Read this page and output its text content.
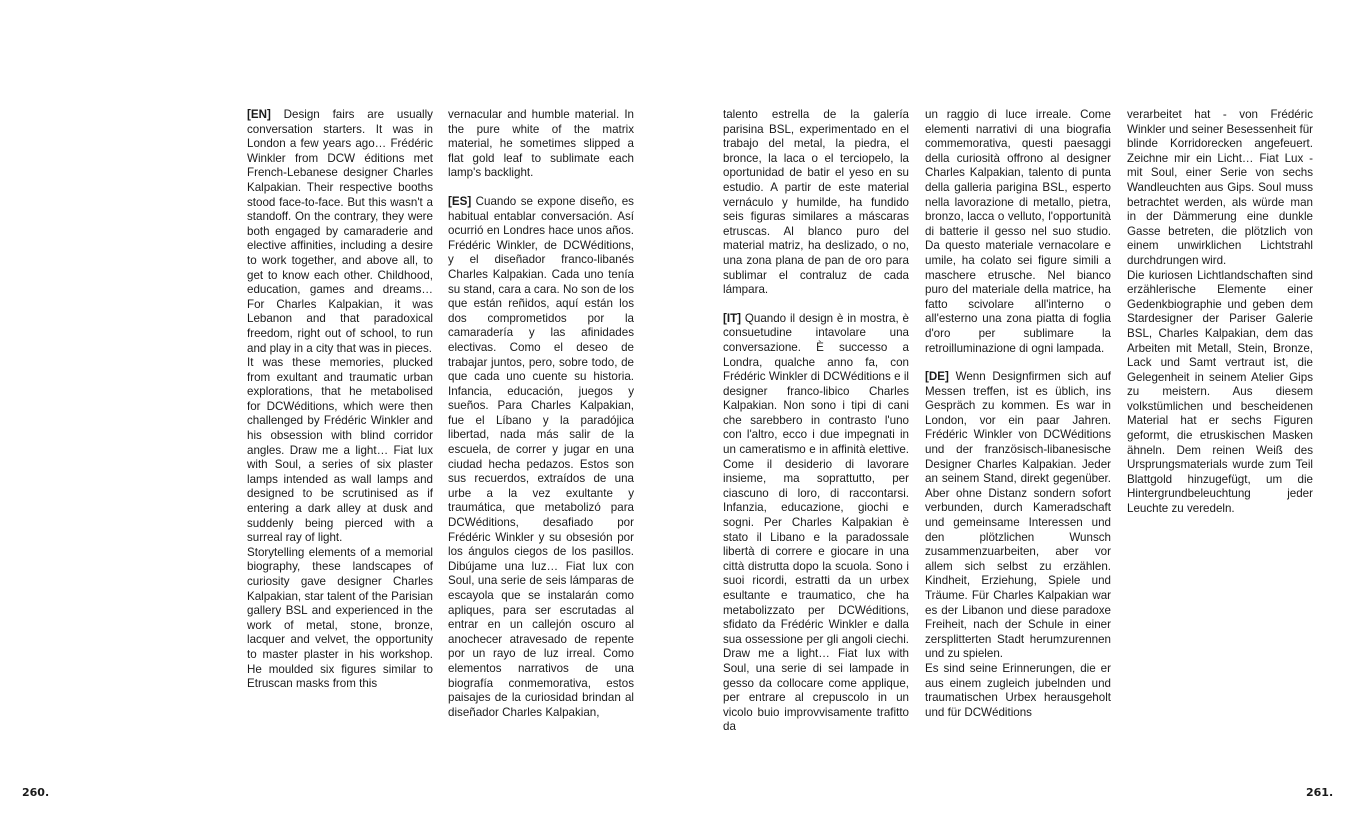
[EN] Design fairs are usually conversation starters. It was in London a few years ago… Frédéric Winkler from DCW éditions met French-Lebanese designer Charles Kalpakian. Their respective booths stood face-to-face. But this wasn't a standoff. On the contrary, they were both engaged by camaraderie and elective affinities, including a desire to work together, and above all, to get to know each other. Childhood, education, games and dreams… For Charles Kalpakian, it was Lebanon and that paradoxical freedom, right out of school, to run and play in a city that was in pieces.

It was these memories, plucked from exultant and traumatic urban explorations, that he metabolised for DCWéditions, which were then challenged by Frédéric Winkler and his obsession with blind corridor angles. Draw me a light… Fiat lux with Soul, a series of six plaster lamps intended as wall lamps and designed to be scrutinised as if entering a dark alley at dusk and suddenly being pierced with a surreal ray of light.

Storytelling elements of a memorial biography, these landscapes of curiosity gave designer Charles Kalpakian, star talent of the Parisian gallery BSL and experienced in the work of metal, stone, bronze, lacquer and velvet, the opportunity to master plaster in his workshop. He moulded six figures similar to Etruscan masks from this

vernacular and humble material. In the pure white of the matrix material, he sometimes slipped a flat gold leaf to sublimate each lamp's backlight.

[ES] Cuando se expone diseño, es habitual entablar conversación. Así ocurrió en Londres hace unos años. Frédéric Winkler, de DCWéditions, y el diseñador franco-libanés Charles Kalpakian. Cada uno tenía su stand, cara a cara. No son de los que están reñidos, aquí están los dos comprometidos por la camaradería y las afinidades electivas. Como el deseo de trabajar juntos, pero, sobre todo, de que cada uno cuente su historia. Infancia, educación, juegos y sueños. Para Charles Kalpakian, fue el Líbano y la paradójica libertad, nada más salir de la escuela, de correr y jugar en una ciudad hecha pedazos. Estos son sus recuerdos, extraídos de una urbe a la vez exultante y traumática, que metabolizó para DCWéditions, desafiado por Frédéric Winkler y su obsesión por los ángulos ciegos de los pasillos. Dibújame una luz… Fiat lux con Soul, una serie de seis lámparas de escayola que se instalarán como apliques, para ser escrutadas al entrar en un callejón oscuro al anochecer atravesado de repente por un rayo de luz irreal. Como elementos narrativos de una biografía conmemorativa, estos paisajes de la curiosidad brindan al diseñador Charles Kalpakian,

talento estrella de la galería parisina BSL, experimentado en el trabajo del metal, la piedra, el bronce, la laca o el terciopelo, la oportunidad de batir el yeso en su estudio. A partir de este material vernáculo y humilde, ha fundido seis figuras similares a máscaras etruscas. Al blanco puro del material matriz, ha deslizado, o no, una zona plana de pan de oro para sublimar el contraluz de cada lámpara.

[IT] Quando il design è in mostra, è consuetudine intavolare una conversazione. È successo a Londra, qualche anno fa, con Frédéric Winkler di DCWéditions e il designer franco-libico Charles Kalpakian. Non sono i tipi di cani che sarebbero in contrasto l'uno con l'altro, ecco i due impegnati in un cameratismo e in affinità elettive. Come il desiderio di lavorare insieme, ma soprattutto, per ciascuno di loro, di raccontarsi. Infanzia, educazione, giochi e sogni. Per Charles Kalpakian è stato il Libano e la paradossale libertà di correre e giocare in una città distrutta dopo la scuola. Sono i suoi ricordi, estratti da un urbex esultante e traumatico, che ha metabolizzato per DCWéditions, sfidato da Frédéric Winkler e dalla sua ossessione per gli angoli ciechi. Draw me a light… Fiat lux with Soul, una serie di sei lampade in gesso da collocare come applique, per entrare al crepuscolo in un vicolo buio improvvisamente trafitto da

un raggio di luce irreale. Come elementi narrativi di una biografia commemorativa, questi paesaggi della curiosità offrono al designer Charles Kalpakian, talento di punta della galleria parigina BSL, esperto nella lavorazione di metallo, pietra, bronzo, lacca o velluto, l'opportunità di batterie il gesso nel suo studio. Da questo materiale vernacolare e umile, ha colato sei figure simili a maschere etrusche. Nel bianco puro del materiale della matrice, ha fatto scivolare all'interno o all'esterno una zona piatta di foglia d'oro per sublimare la retroilluminazione di ogni lampada.

[DE] Wenn Designfirmen sich auf Messen treffen, ist es üblich, ins Gespräch zu kommen. Es war in London, vor ein paar Jahren. Frédéric Winkler von DCWéditions und der französisch-libanesische Designer Charles Kalpakian. Jeder an seinem Stand, direkt gegenüber. Aber ohne Distanz sondern sofort verbunden, durch Kameradschaft und gemeinsame Interessen und den plötzlichen Wunsch zusammenzuarbeiten, aber vor allem sich selbst zu erzählen. Kindheit, Erziehung, Spiele und Träume. Für Charles Kalpakian war es der Libanon und diese paradoxe Freiheit, nach der Schule in einer zersplitterten Stadt herumzurennen und zu spielen.

Es sind seine Erinnerungen, die er aus einem zugleich jubelnden und traumatischen Urbex herausgeholt und für DCWéditions

verarbeitet hat - von Frédéric Winkler und seiner Besessenheit für blinde Korridorecken angefeuert. Zeichne mir ein Licht… Fiat Lux - mit Soul, einer Serie von sechs Wandleuchten aus Gips. Soul muss betrachtet werden, als würde man in der Dämmerung eine dunkle Gasse betreten, die plötzlich von einem unwirklichen Lichtstrahl durchdrungen wird.

Die kuriosen Lichtlandschaften sind erzählerische Elemente einer Gedenkbiographie und geben dem Stardesigner der Pariser Galerie BSL, Charles Kalpakian, dem das Arbeiten mit Metall, Stein, Bronze, Lack und Samt vertraut ist, die Gelegenheit in seinem Atelier Gips zu meistern. Aus diesem volkstümlichen und bescheidenen Material hat er sechs Figuren geformt, die etruskischen Masken ähneln. Dem reinen Weiß des Ursprungsmaterials wurde zum Teil Blattgold hinzugefügt, um die Hintergrundbeleuchtung jeder Leuchte zu veredeln.

260.	261.
